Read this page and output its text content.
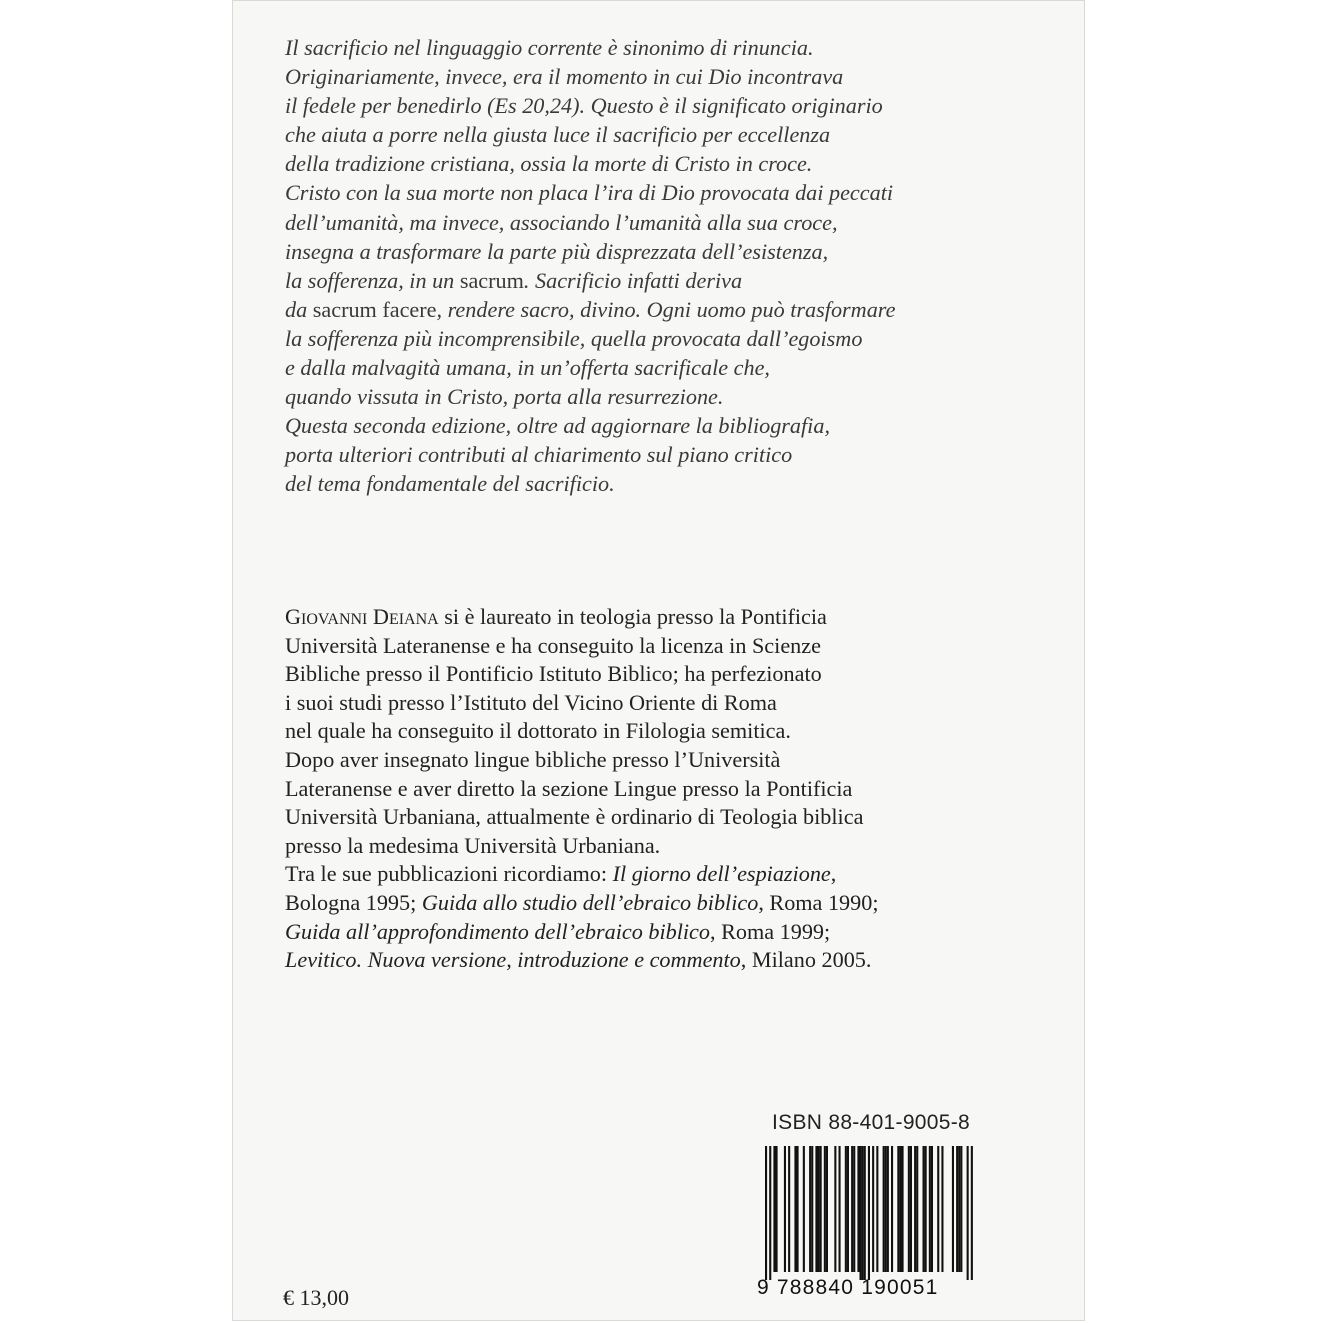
Il sacrificio nel linguaggio corrente è sinonimo di rinuncia.
Originariamente, invece, era il momento in cui Dio incontrava
il fedele per benedirlo (Es 20,24). Questo è il significato originario
che aiuta a porre nella giusta luce il sacrificio per eccellenza
della tradizione cristiana, ossia la morte di Cristo in croce.
Cristo con la sua morte non placa l’ira di Dio provocata dai peccati
dell’umanità, ma invece, associando l’umanità alla sua croce,
insegna a trasformare la parte più disprezzata dell’esistenza,
la sofferenza, in un sacrum. Sacrificio infatti deriva
da sacrum facere, rendere sacro, divino. Ogni uomo può trasformare
la sofferenza più incomprensibile, quella provocata dall’egoismo
e dalla malvagità umana, in un’offerta sacrificale che,
quando vissuta in Cristo, porta alla resurrezione.
Questa seconda edizione, oltre ad aggiornare la bibliografia,
porta ulteriori contributi al chiarimento sul piano critico
del tema fondamentale del sacrificio.
Giovanni Deiana si è laureato in teologia presso la Pontificia
Università Lateranense e ha conseguito la licenza in Scienze
Bibliche presso il Pontificio Istituto Biblico; ha perfezionato
i suoi studi presso l’Istituto del Vicino Oriente di Roma
nel quale ha conseguito il dottorato in Filologia semitica.
Dopo aver insegnato lingue bibliche presso l’Università
Lateranense e aver diretto la sezione Lingue presso la Pontificia
Università Urbaniana, attualmente è ordinario di Teologia biblica
presso la medesima Università Urbaniana.
Tra le sue pubblicazioni ricordiamo: Il giorno dell’espiazione,
Bologna 1995; Guida allo studio dell’ebraico biblico, Roma 1990;
Guida all’approfondimento dell’ebraico biblico, Roma 1999;
Levitico. Nuova versione, introduzione e commento, Milano 2005.
ISBN 88-401-9005-8
9 788840 190051
€ 13,00
